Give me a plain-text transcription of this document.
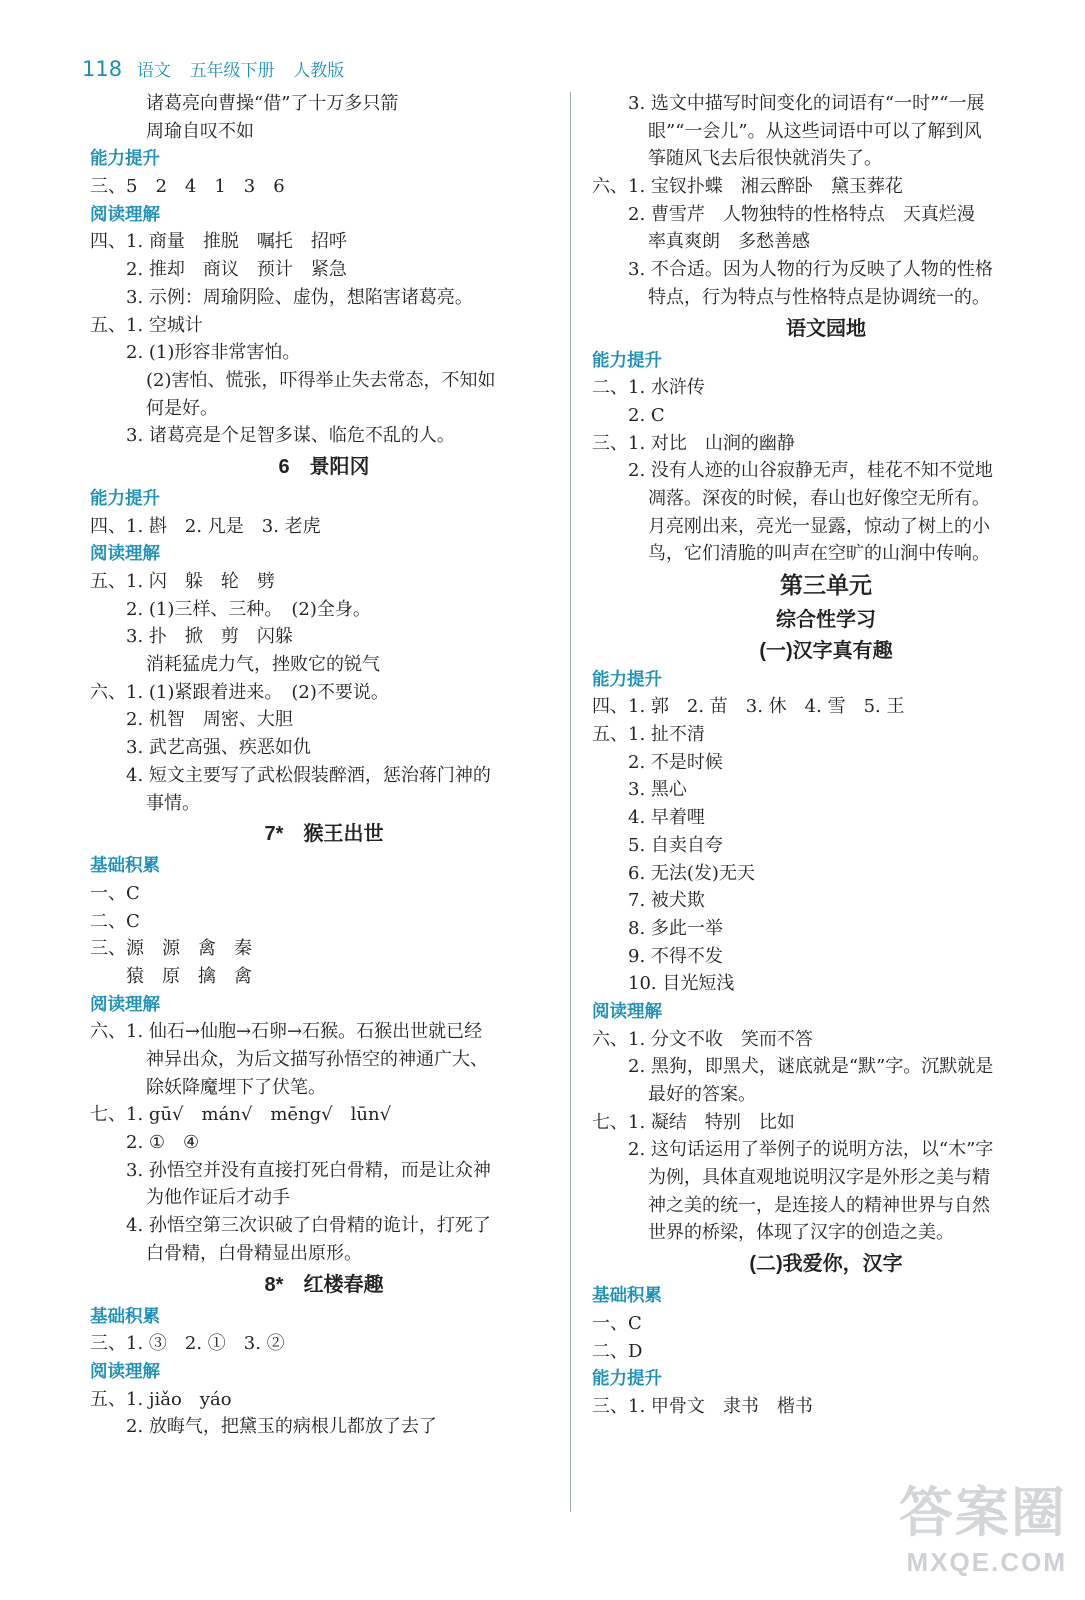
118 语文 五年级下册 人教版
诸葛亮向曹操“借”了十万多只箭
周瑜自叹不如
能力提升
三、5　2　4　1　3　6
阅读理解
四、1. 商量　推脱　嘱托　招呼
2. 推却　商议　预计　紧急
3. 示例：周瑜阴险、虚伪，想陷害诸葛亮。
五、1. 空城计
2. (1)形容非常害怕。
(2)害怕、慌张，吓得举止失去常态，不知如
何是好。
3. 诸葛亮是个足智多谋、临危不乱的人。
6　景阳冈
能力提升
四、1. 斟　2. 凡是　3. 老虎
阅读理解
五、1. 闪　躲　轮　劈
2. (1)三样、三种。　(2)全身。
3. 扑　掀　剪　闪躲
消耗猛虎力气，挫败它的锐气
六、1. (1)紧跟着进来。　(2)不要说。
2. 机智　周密、大胆
3. 武艺高强、疾恶如仇
4. 短文主要写了武松假装醉酒，惩治蒋门神的
事情。
7*　猴王出世
基础积累
一、C
二、C
三、源　源　禽　秦
猿　原　擒　禽
阅读理解
六、1. 仙石→仙胞→石卵→石猴。石猴出世就已经
神异出众，为后文描写孙悟空的神通广大、
除妖降魔埋下了伏笔。
七、1. gū√　mán√　mēng√　lūn√
2. ①　④
3. 孙悟空并没有直接打死白骨精，而是让众神
为他作证后才动手
4. 孙悟空第三次识破了白骨精的诡计，打死了
白骨精，白骨精显出原形。
8*　红楼春趣
基础积累
三、1. ③　2. ①　3. ②
阅读理解
五、1. jiǎo　yáo
2. 放晦气，把黛玉的病根儿都放了去了
3. 选文中描写时间变化的词语有“一时”“一展
眼”“一会儿”。从这些词语中可以了解到风
筝随风飞去后很快就消失了。
六、1. 宝钗扑蝶　湘云醉卧　黛玉葬花
2. 曹雪芹　人物独特的性格特点　天真烂漫
率真爽朗　多愁善感
3. 不合适。因为人物的行为反映了人物的性格
特点，行为特点与性格特点是协调统一的。
语文园地
能力提升
二、1. 水浒传
2. C
三、1. 对比　山涧的幽静
2. 没有人迹的山谷寂静无声，桂花不知不觉地
凋落。深夜的时候，春山也好像空无所有。
月亮刚出来，亮光一显露，惊动了树上的小
鸟，它们清脆的叫声在空旷的山涧中传响。
第三单元
综合性学习
(一)汉字真有趣
能力提升
四、1. 郭　2. 苗　3. 休　4. 雪　5. 王
五、1. 扯不清
2. 不是时候
3. 黑心
4. 早着哩
5. 自卖自夸
6. 无法(发)无天
7. 被犬欺
8. 多此一举
9. 不得不发
10. 目光短浅
阅读理解
六、1. 分文不收　笑而不答
2. 黑狗，即黑犬，谜底就是“默”字。沉默就是
最好的答案。
七、1. 凝结　特别　比如
2. 这句话运用了举例子的说明方法，以“木”字
为例，具体直观地说明汉字是外形之美与精
神之美的统一，是连接人的精神世界与自然
世界的桥梁，体现了汉字的创造之美。
(二)我爱你，汉字
基础积累
一、C
二、D
能力提升
三、1. 甲骨文　隶书　楷书
答案圈
MXQE.COM
